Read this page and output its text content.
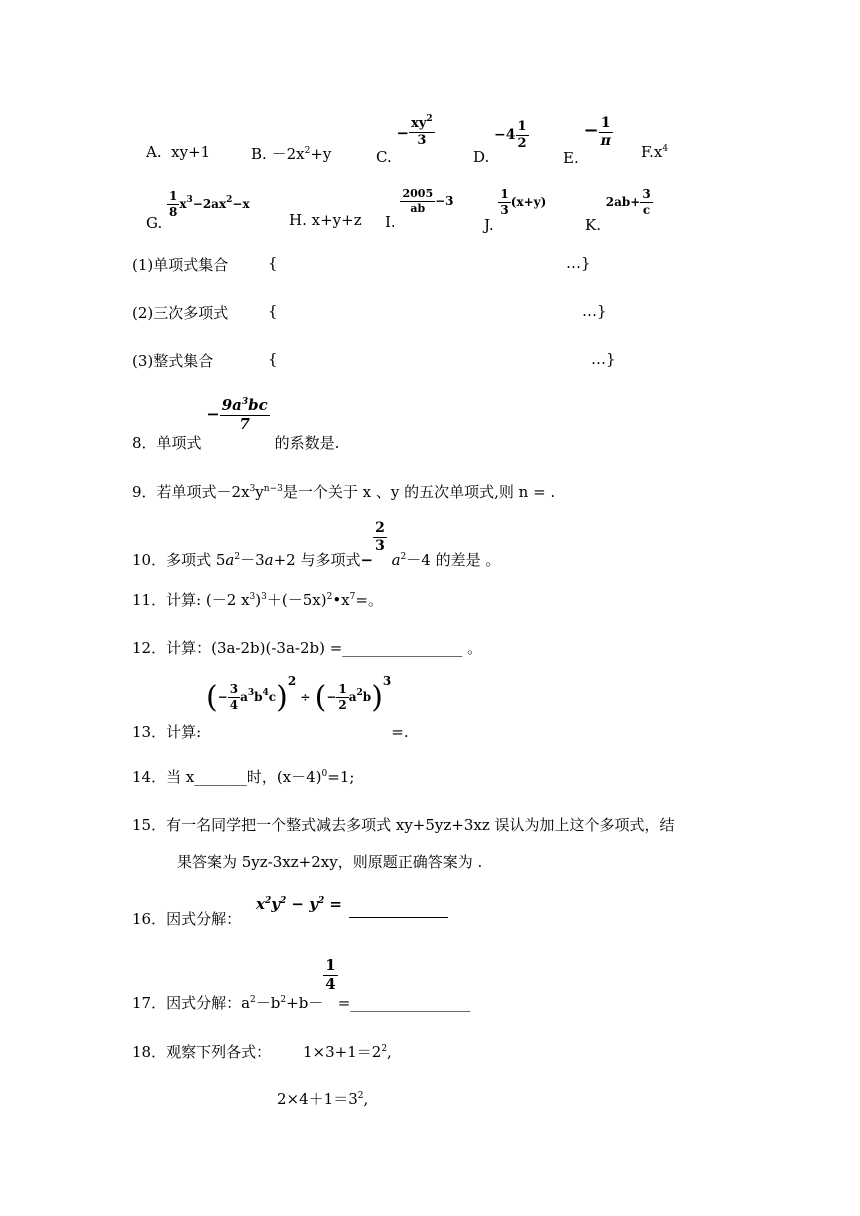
A. xy+1	B. $-2x^2+y$	C. − $\frac{xy^2}{3}$
D. $-4 \frac{1}{2}$
E. − $\frac{1}{\pi}$
$F.x^4$
G.
$\frac{1}{8} x^3-2ax^2-x$
H. x+y+z I.
$\frac{2005}{ab} -3$
J.
$\frac{1}{3} (x+y)$
K. $2ab+ \frac{3}{c}$
(1)单项式集合	{	…}
(2)三次多项式	{	…}
(3)整式集合	{	…}
8．单项式 − $\frac{9a^3bc}{7}$
的系数是.
9．若单项式$-2x^3y^{n-3}$是一个关于 x 、y 的五次单项式,则 n = .
10．多项式 $5a^2-3a+2$ 与多项式−
$\frac{2}{3}$
$a^2-4$ 的差是 。
11．计算: (－2 $x^3)^3+(-5x)^2•x^7=$。
12．计算：(3a-2b)(-3a-2b) =________________ 。
13．计算: (− $\frac{3}{4} a^3b^4c)^2$ ÷ (− $\frac{1}{2} a^2b)^3=$.
14．当 x_______时，$(x-4)^0=1$;
15．有一名同学把一个整式减去多项式 xy+5yz+3xz 误认为加上这个多项式，结
果答案为 5yz-3xz+2xy，则原题正确答案为 .
16．因式分解：
$x^2y^2 - y^2$ =
17．因式分解：$a^2-b^2+b-$
$\frac{1}{4}$
=________________
18．观察下列各式： $1\times 3+1=2^2$,
$2\times 4+1=3^2$,
